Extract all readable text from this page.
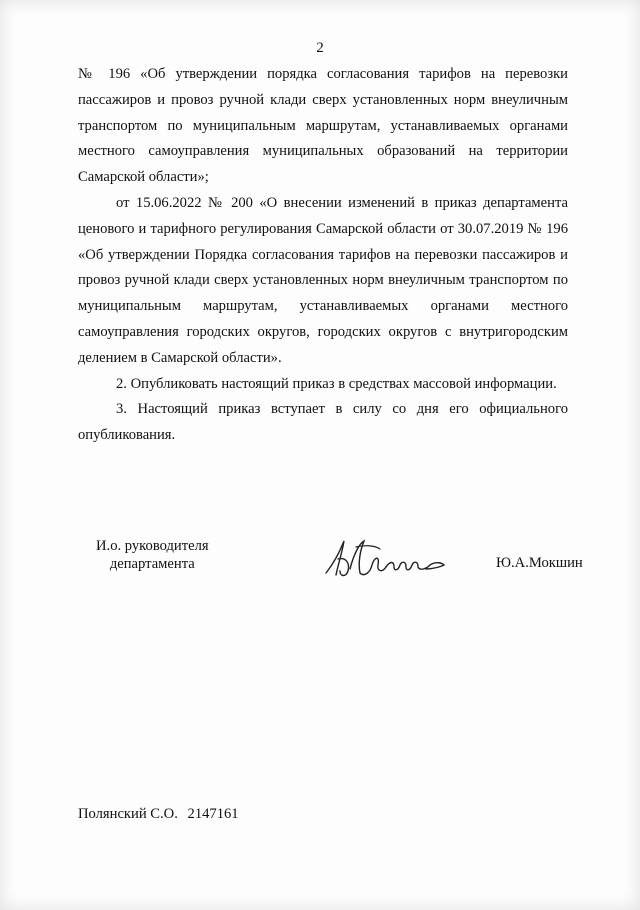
2

№ 196 «Об утверждении порядка согласования тарифов на перевозки пассажиров и провоз ручной клади сверх установленных норм внеуличным транспортом по муниципальным маршрутам, устанавливаемых органами местного самоуправления муниципальных образований на территории Самарской области»;

от 15.06.2022 № 200 «О внесении изменений в приказ департамента ценового и тарифного регулирования Самарской области от 30.07.2019 № 196 «Об утверждении Порядка согласования тарифов на перевозки пассажиров и провоз ручной клади сверх установленных норм внеуличным транспортом по муниципальным маршрутам, устанавливаемых органами местного самоуправления городских округов, городских округов с внутригородским делением в Самарской области».

2. Опубликовать настоящий приказ в средствах массовой информации.

3. Настоящий приказ вступает в силу со дня его официального опубликования.

И.о. руководителя
департамента	Ю.А.Мокшин
Полянский С.О. 2147161
